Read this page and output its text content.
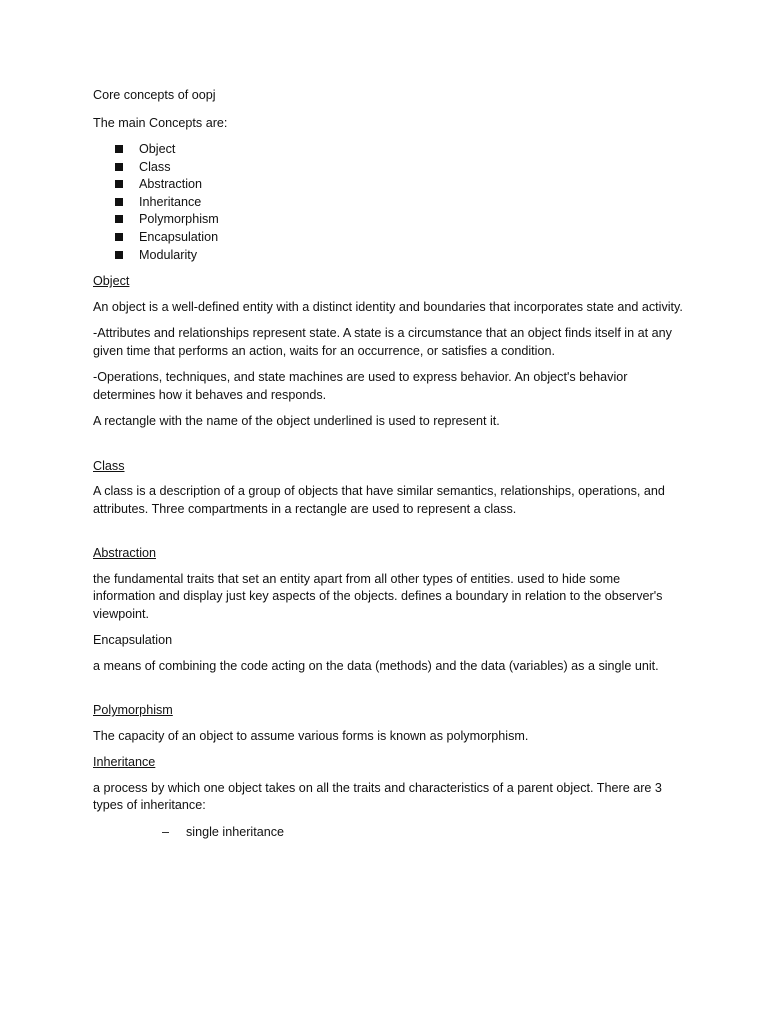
Core concepts of oopj

The main Concepts are:

Object
Class
Abstraction
Inheritance
Polymorphism
Encapsulation
Modularity

Object

An object is a well-defined entity with a distinct identity and boundaries that incorporates state and activity.

-Attributes and relationships represent state. A state is a circumstance that an object finds itself in at any given time that performs an action, waits for an occurrence, or satisfies a condition.

-Operations, techniques, and state machines are used to express behavior. An object's behavior determines how it behaves and responds.

A rectangle with the name of the object underlined is used to represent it.

Class

A class is a description of a group of objects that have similar semantics, relationships, operations, and attributes. Three compartments in a rectangle are used to represent a class.

Abstraction

the fundamental traits that set an entity apart from all other types of entities. used to hide some information and display just key aspects of the objects. defines a boundary in relation to the observer's viewpoint.

Encapsulation

a means of combining the code acting on the data (methods) and the data (variables) as a single unit.

Polymorphism

The capacity of an object to assume various forms is known as polymorphism.

Inheritance

a process by which one object takes on all the traits and characteristics of a parent object. There are 3 types of inheritance:

– single inheritance
